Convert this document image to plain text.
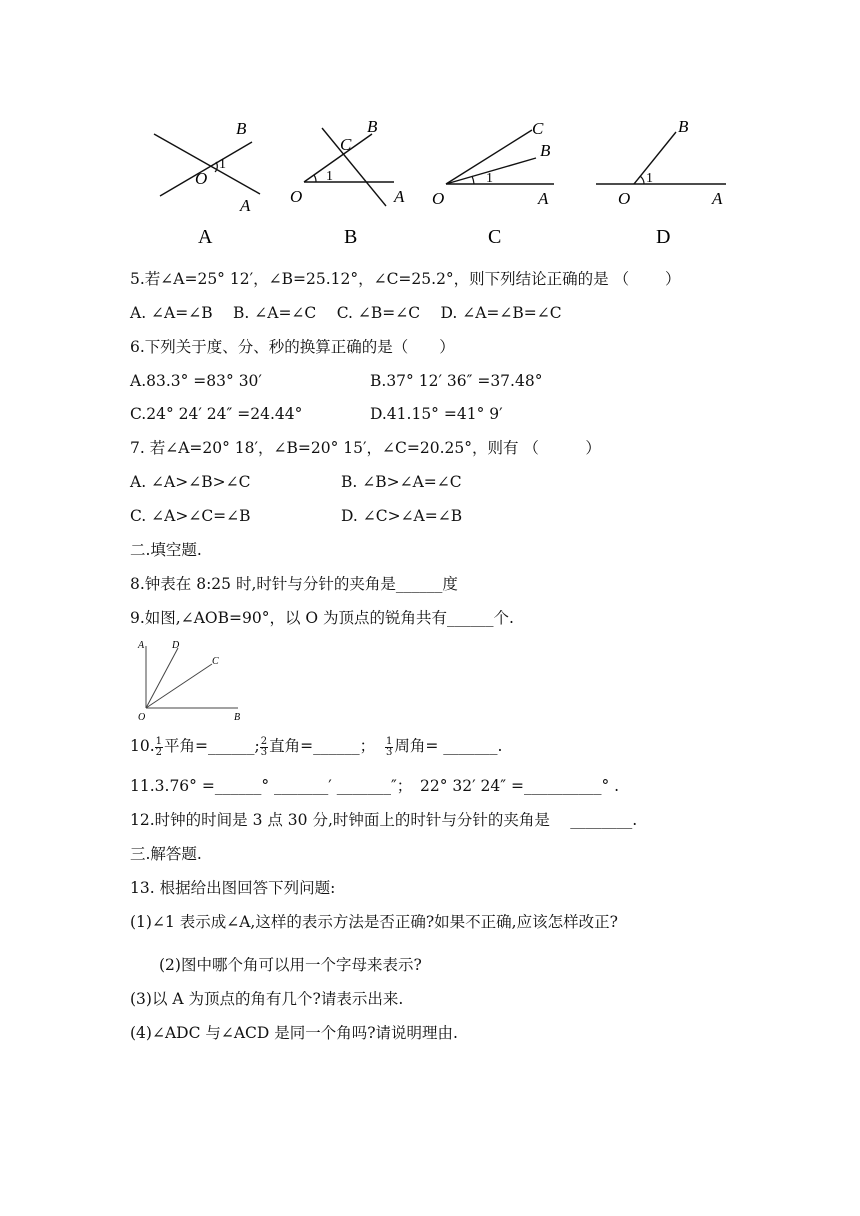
B
1
O
A
A
B
C
1
O	A
B
C
B
1
O	A
C
B
1
O	A
D
5.若∠A=25° 12′，∠B=25.12°，∠C=25.2°，则下列结论正确的是 （　　 ）
A. ∠A=∠B　 B. ∠A=∠C　 C. ∠B=∠C　 D. ∠A=∠B=∠C
6.下列关于度、分、秒的换算正确的是（　　）
A.83.3° =83° 30′	B.37° 12′ 36″ =37.48°
C.24° 24′ 24″ =24.44°	D.41.15° =41° 9′
7. 若∠A=20° 18′，∠B=20° 15′，∠C=20.25°，则有 （　　　）
A. ∠A>∠B>∠C	B. ∠B>∠A=∠C
C. ∠A>∠C=∠B	D. ∠C>∠A=∠B
二.填空题.
8.钟表在 8:25 时,时针与分针的夹角是______度
9.如图,∠AOB=90°，以 O 为顶点的锐角共有______个.
A	D
C
O	B
10. $\frac{1}{2}$ 平角=______; $\frac{2}{3}$ 直角=______； $\frac{1}{3}$ 周角= _______.
11.3.76° =______° _______′ _______″；　22° 32′ 24″ =__________° .
12.时钟的时间是 3 点 30 分,时钟面上的时针与分针的夹角是　 ________.
三.解答题.
13. 根据给出图回答下列问题:
(1)∠1 表示成∠A,这样的表示方法是否正确?如果不正确,应该怎样改正?
(2)图中哪个角可以用一个字母来表示?
(3)以 A 为顶点的角有几个?请表示出来.
(4)∠ADC 与∠ACD 是同一个角吗?请说明理由.
